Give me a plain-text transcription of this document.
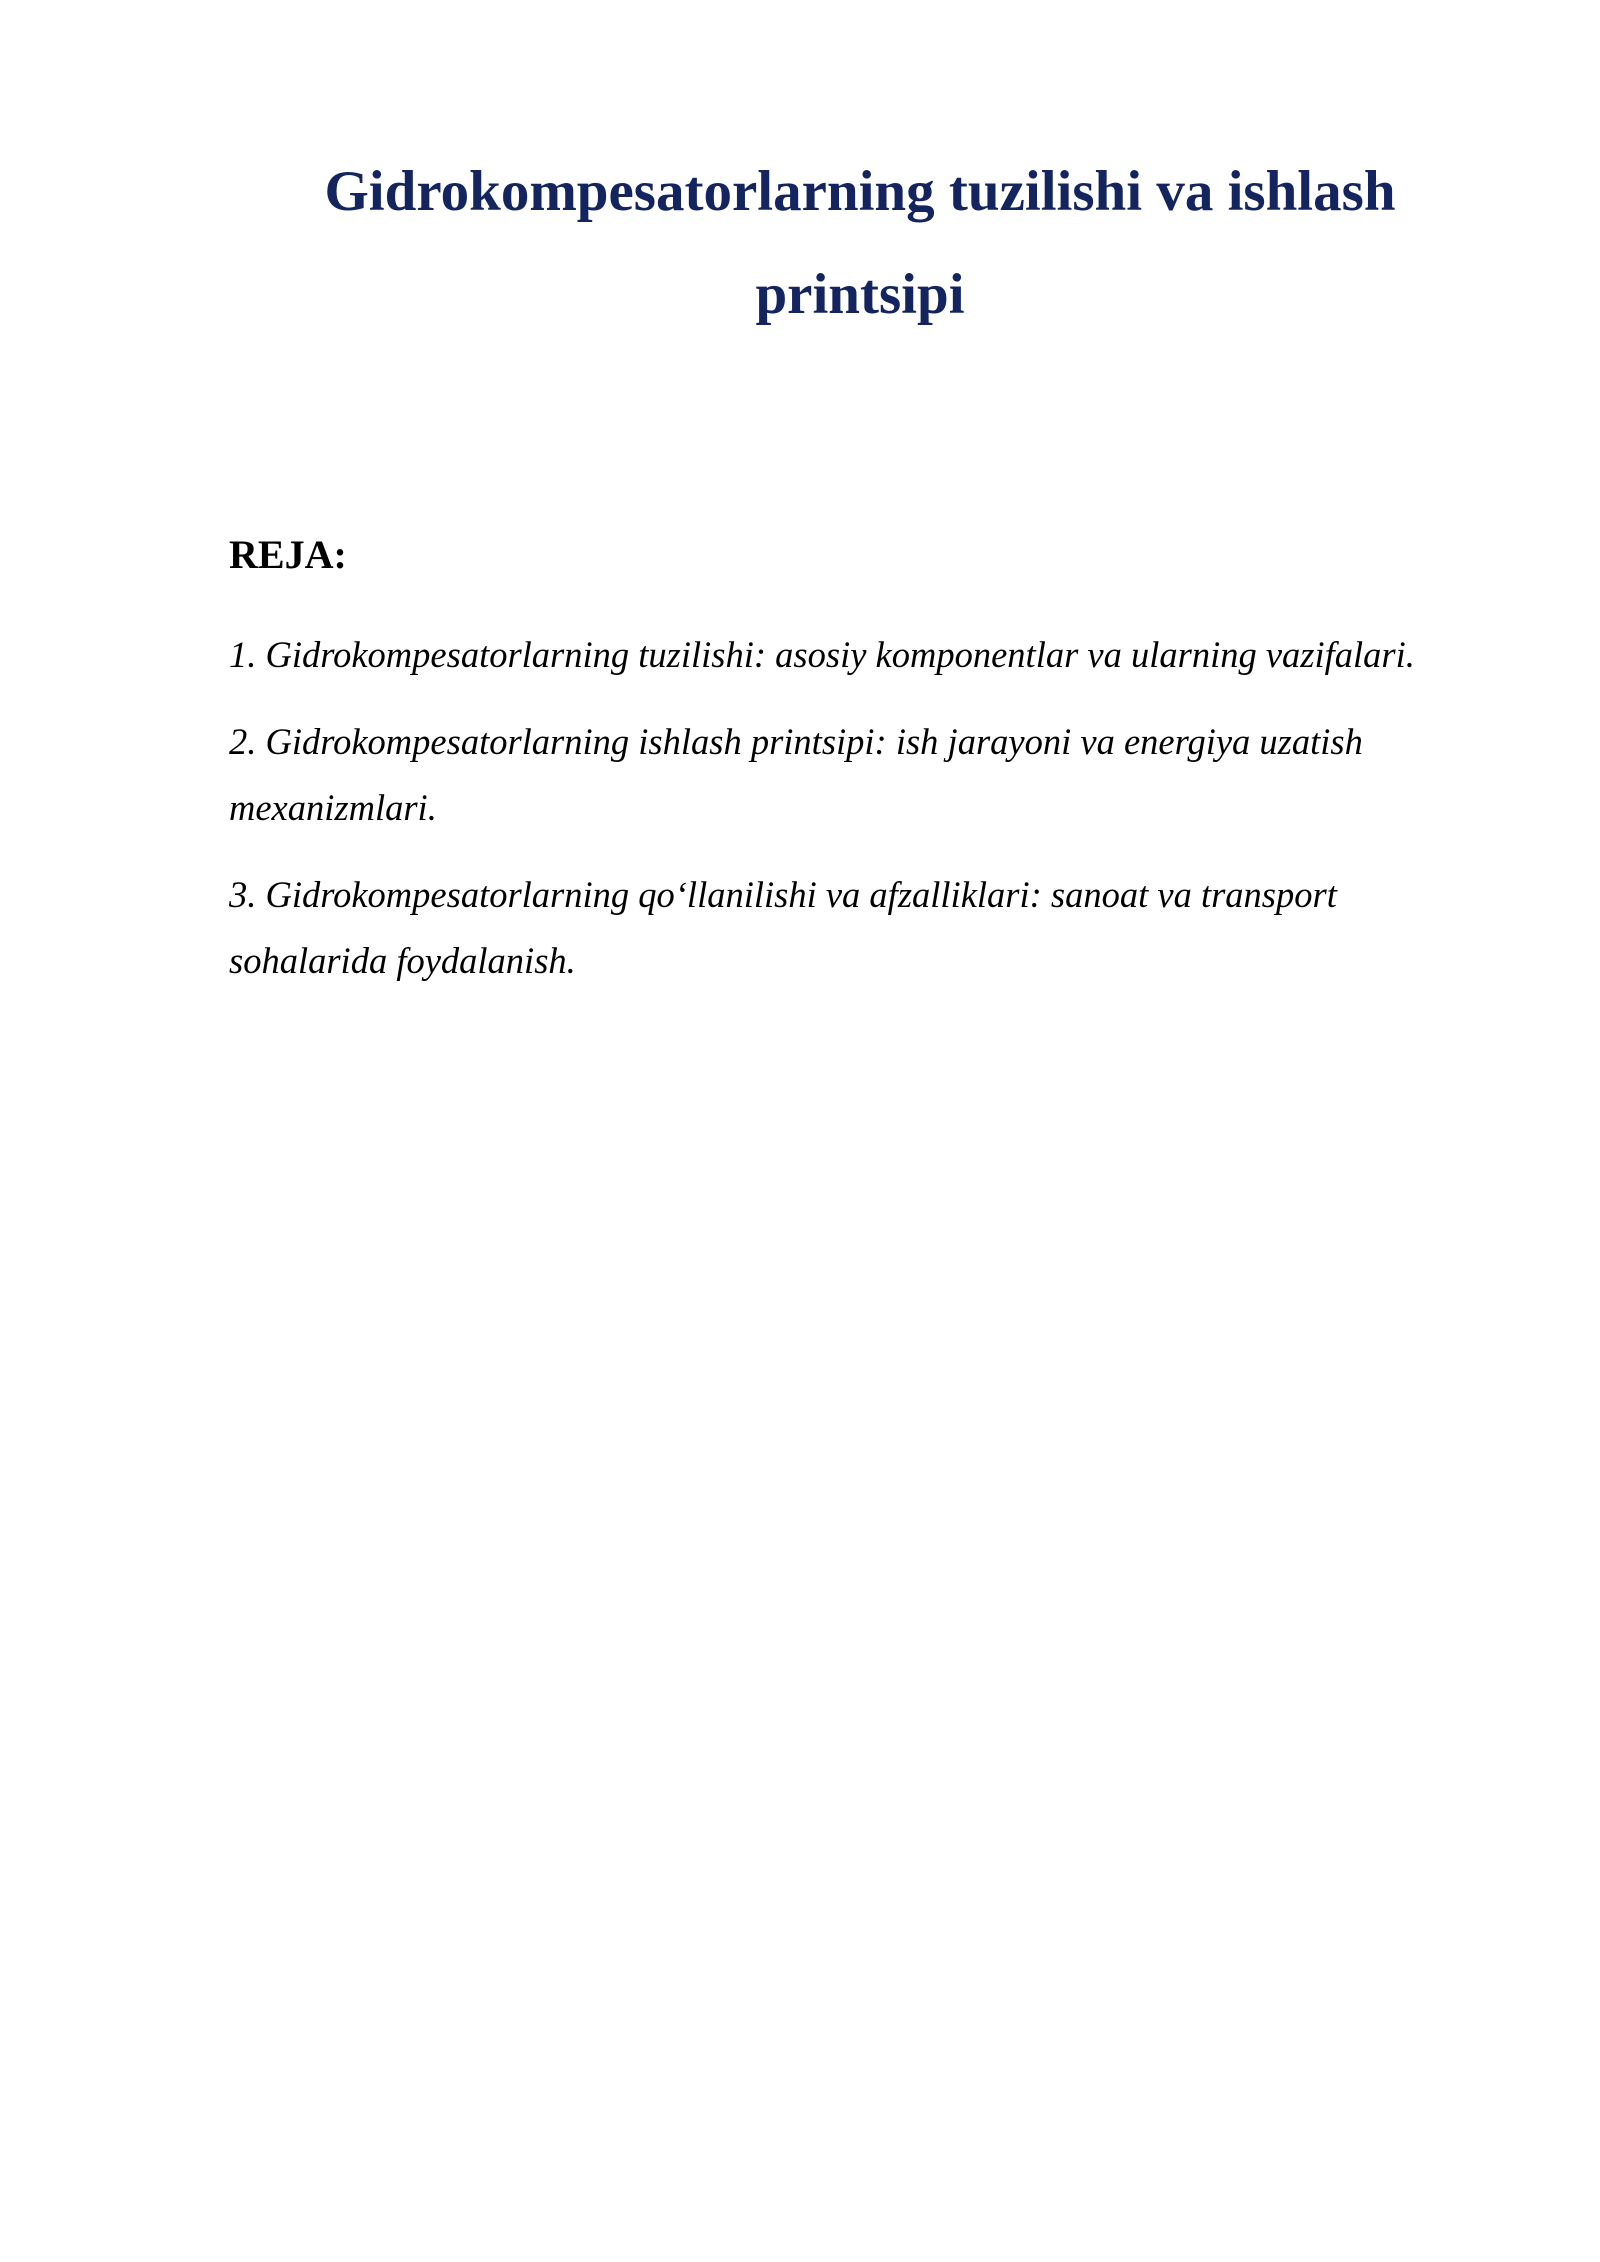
Gidrokompesatorlarning tuzilishi va ishlash printsipi
REJA:
1. Gidrokompesatorlarning tuzilishi: asosiy komponentlar va ularning vazifalari.
2. Gidrokompesatorlarning ishlash printsipi: ish jarayoni va energiya uzatish mexanizmlari.
3. Gidrokompesatorlarning qo‘llanilishi va afzalliklari: sanoat va transport sohalarida foydalanish.
